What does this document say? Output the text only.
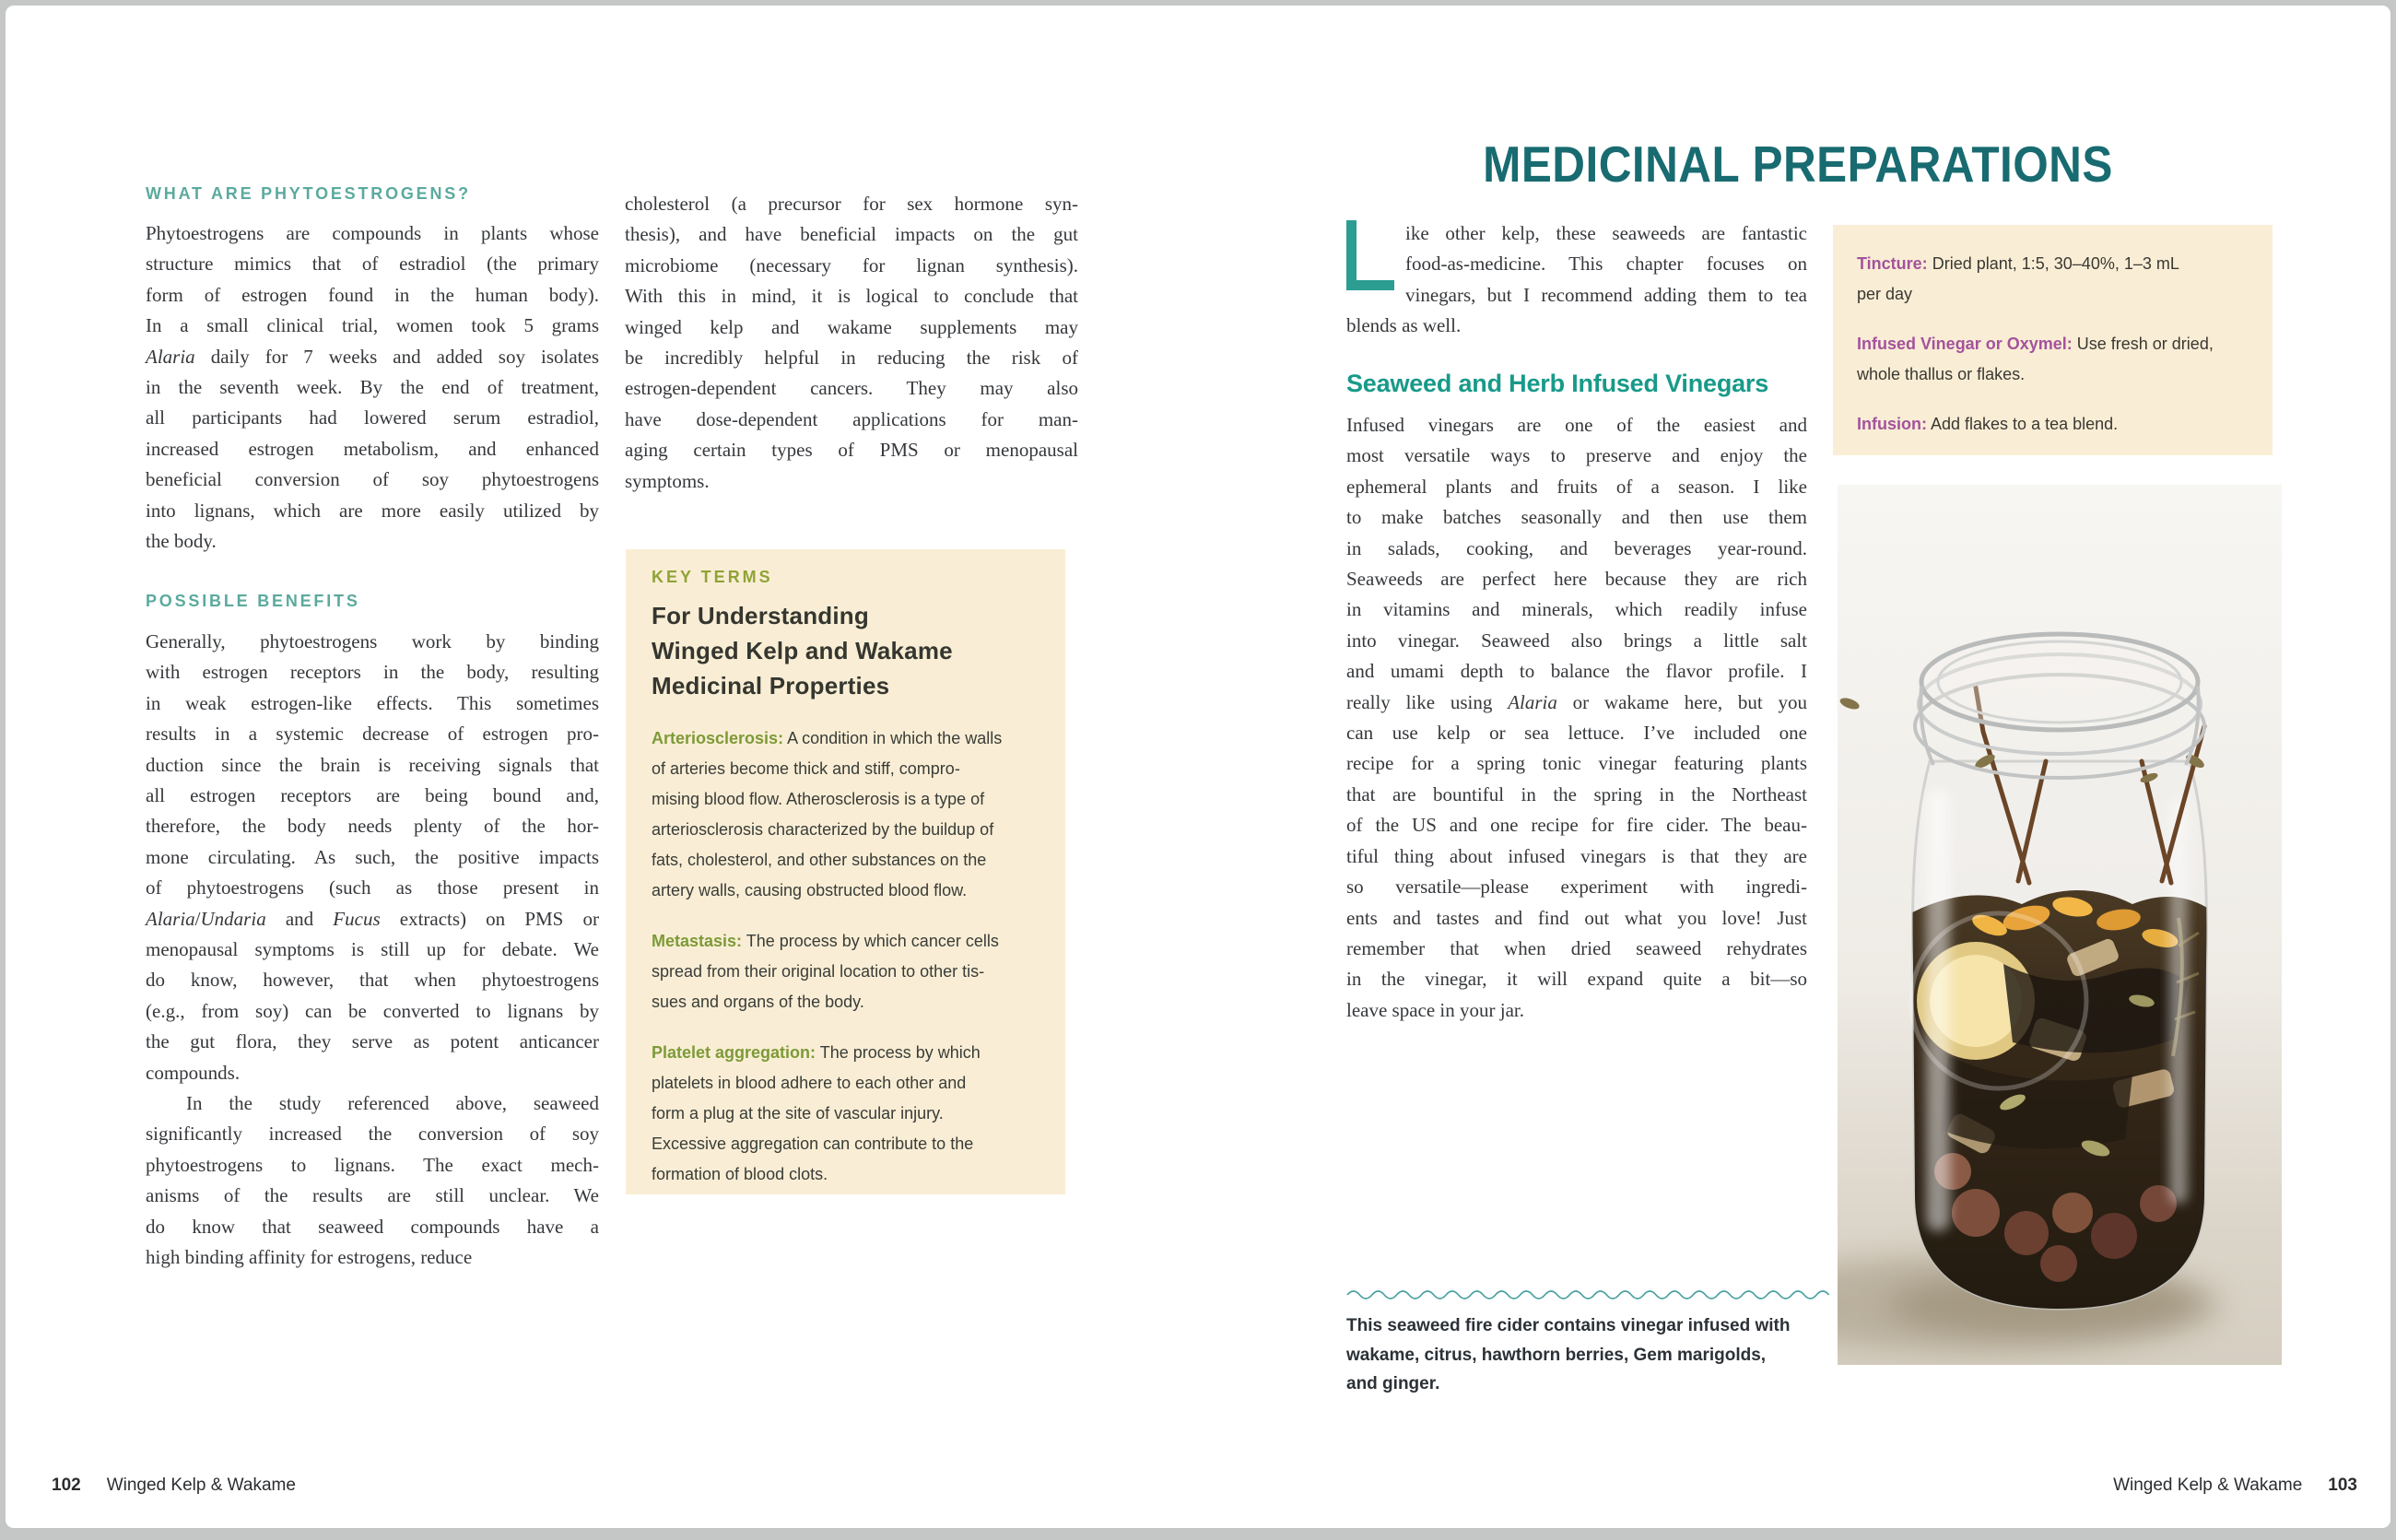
WHAT ARE PHYTOESTROGENS?
Phytoestrogens are compounds in plants whose
structure mimics that of estradiol (the primary
form of estrogen found in the human body).
In a small clinical trial, women took 5 grams
Alaria daily for 7 weeks and added soy isolates
in the seventh week. By the end of treatment,
all participants had lowered serum estradiol,
increased estrogen metabolism, and enhanced
beneficial conversion of soy phytoestrogens
into lignans, which are more easily utilized by
the body.
POSSIBLE BENEFITS
Generally, phytoestrogens work by binding
with estrogen receptors in the body, resulting
in weak estrogen-like effects. This sometimes
results in a systemic decrease of estrogen pro-
duction since the brain is receiving signals that
all estrogen receptors are being bound and,
therefore, the body needs plenty of the hor-
mone circulating. As such, the positive impacts
of phytoestrogens (such as those present in
Alaria/Undaria and Fucus extracts) on PMS or
menopausal symptoms is still up for debate. We
do know, however, that when phytoestrogens
(e.g., from soy) can be converted to lignans by
the gut flora, they serve as potent anticancer
compounds.
In the study referenced above, seaweed
significantly increased the conversion of soy
phytoestrogens to lignans. The exact mech-
anisms of the results are still unclear. We
do know that seaweed compounds have a
high binding affinity for estrogens, reduce
cholesterol (a precursor for sex hormone syn-
thesis), and have beneficial impacts on the gut
microbiome (necessary for lignan synthesis).
With this in mind, it is logical to conclude that
winged kelp and wakame supplements may
be incredibly helpful in reducing the risk of
estrogen-dependent cancers. They may also
have dose-dependent applications for man-
aging certain types of PMS or menopausal
symptoms.
KEY TERMS
For Understanding
Winged Kelp and Wakame
Medicinal Properties

Arteriosclerosis: A condition in which the walls
of arteries become thick and stiff, compro-
mising blood flow. Atherosclerosis is a type of
arteriosclerosis characterized by the buildup of
fats, cholesterol, and other substances on the
artery walls, causing obstructed blood flow.

Metastasis: The process by which cancer cells
spread from their original location to other tis-
sues and organs of the body.

Platelet aggregation: The process by which
platelets in blood adhere to each other and
form a plug at the site of vascular injury.
Excessive aggregation can contribute to the
formation of blood clots.

102 Winged Kelp & Wakame
MEDICINAL PREPARATIONS
ike other kelp, these seaweeds are fantastic
food-as-medicine. This chapter focuses on
vinegars, but I recommend adding them to tea
blends as well.
Seaweed and Herb Infused Vinegars
Infused vinegars are one of the easiest and
most versatile ways to preserve and enjoy the
ephemeral plants and fruits of a season. I like
to make batches seasonally and then use them
in salads, cooking, and beverages year-round.
Seaweeds are perfect here because they are rich
in vitamins and minerals, which readily infuse
into vinegar. Seaweed also brings a little salt
and umami depth to balance the flavor profile. I
really like using Alaria or wakame here, but you
can use kelp or sea lettuce. I’ve included one
recipe for a spring tonic vinegar featuring plants
that are bountiful in the spring in the Northeast
of the US and one recipe for fire cider. The beau-
tiful thing about infused vinegars is that they are
so versatile—please experiment with ingredi-
ents and tastes and find out what you love! Just
remember that when dried seaweed rehydrates
in the vinegar, it will expand quite a bit—so
leave space in your jar.

Tincture: Dried plant, 1:5, 30–40%, 1–3 mL
per day

Infused Vinegar or Oxymel: Use fresh or dried,
whole thallus or flakes.

Infusion: Add flakes to a tea blend.

This seaweed fire cider contains vinegar infused with
wakame, citrus, hawthorn berries, Gem marigolds,
and ginger.
Winged Kelp & Wakame 103
